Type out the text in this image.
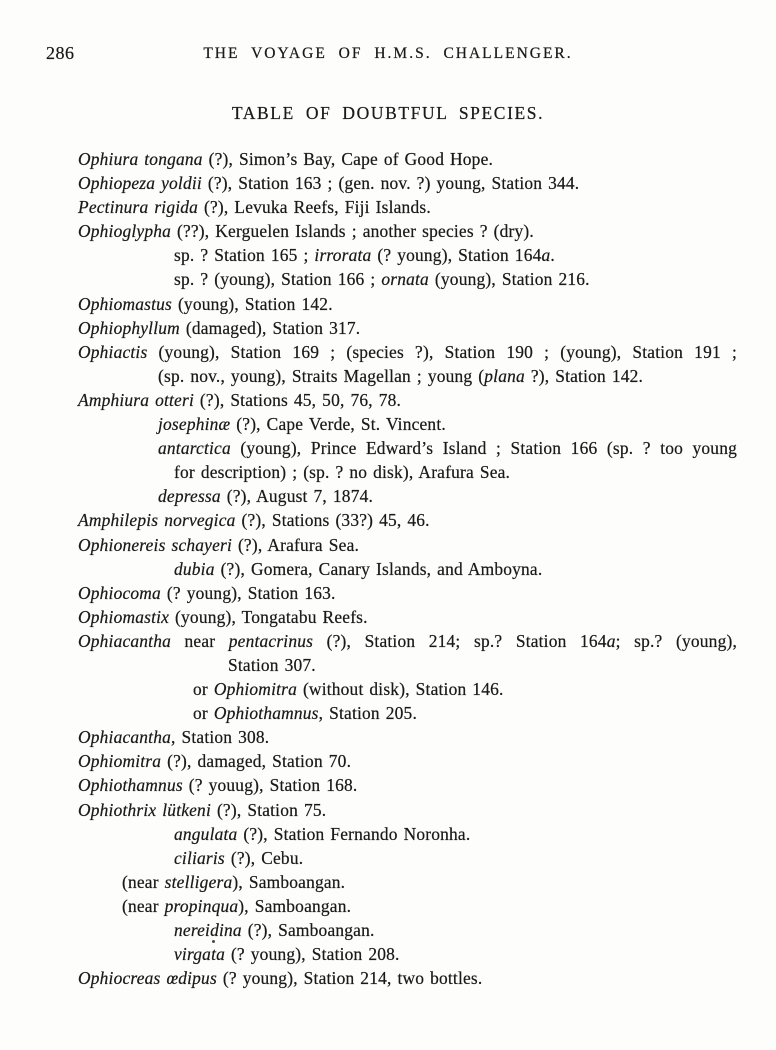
286	THE VOYAGE OF H.M.S. CHALLENGER.
TABLE OF DOUBTFUL SPECIES.
Ophiura tongana (?), Simon’s Bay, Cape of Good Hope.
Ophiopeza yoldii (?), Station 163 ; (gen. nov. ?) young, Station 344.
Pectinura rigida (?), Levuka Reefs, Fiji Islands.
Ophioglypha (??), Kerguelen Islands ; another species ? (dry).
sp. ? Station 165 ; irrorata (? young), Station 164a.
sp. ? (young), Station 166 ; ornata (young), Station 216.
Ophiomastus (young), Station 142.
Ophiophyllum (damaged), Station 317.
Ophiactis (young), Station 169 ; (species ?), Station 190 ; (young), Station 191 ;
(sp. nov., young), Straits Magellan ; young (plana ?), Station 142.
Amphiura otteri (?), Stations 45, 50, 76, 78.
josephinæ (?), Cape Verde, St. Vincent.
antarctica (young), Prince Edward’s Island ; Station 166 (sp. ? too young
for description) ; (sp. ? no disk), Arafura Sea.
depressa (?), August 7, 1874.
Amphilepis norvegica (?), Stations (33?) 45, 46.
Ophionereis schayeri (?), Arafura Sea.
dubia (?), Gomera, Canary Islands, and Amboyna.
Ophiocoma (? young), Station 163.
Ophiomastix (young), Tongatabu Reefs.
Ophiacantha near pentacrinus (?), Station 214; sp.? Station 164a; sp.? (young),
Station 307.
or Ophiomitra (without disk), Station 146.
or Ophiothamnus, Station 205.
Ophiacantha, Station 308.
Ophiomitra (?), damaged, Station 70.
Ophiothamnus (? youug), Station 168.
Ophiothrix lütkeni (?), Station 75.
angulata (?), Station Fernando Noronha.
ciliaris (?), Cebu.
(near stelligera), Samboangan.
(near propinqua), Samboangan.
nereidina (?), Samboangan.
virgata (? young), Station 208.
Ophiocreas œdipus (? young), Station 214, two bottles.
